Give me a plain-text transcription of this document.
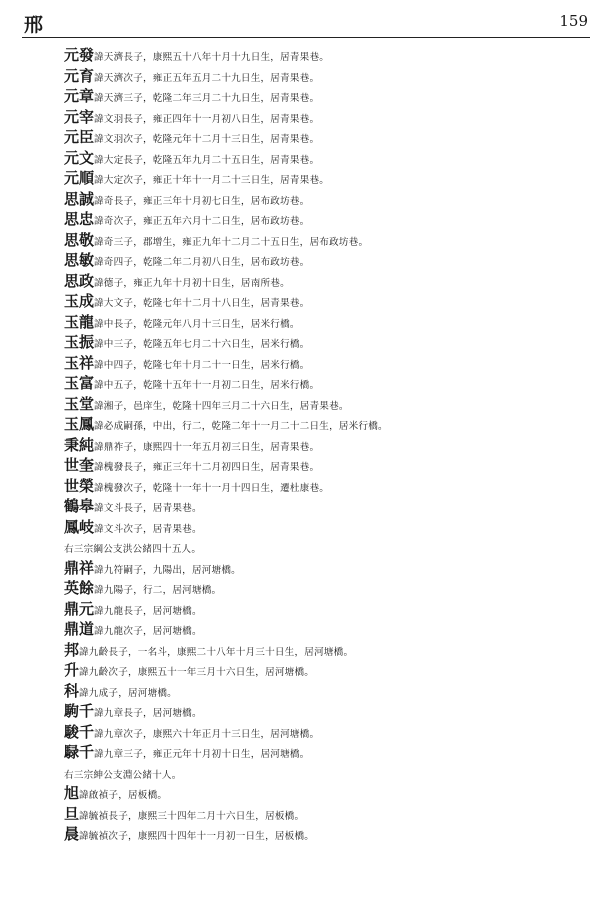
邢	159
元發諱天濟長子，康熙五十八年十月十九日生，居青果巷。
元育諱天濟次子，雍正五年五月二十九日生，居青果巷。
元章諱天濟三子，乾隆二年三月二十九日生，居青果巷。
元宰諱文羽長子，雍正四年十一月初八日生，居青果巷。
元臣諱文羽次子，乾隆元年十二月十三日生，居青果巷。
元文諱大定長子，乾隆五年九月二十五日生，居青果巷。
元順諱大定次子，雍正十年十一月二十三日生，居青果巷。
思誠諱奇長子，雍正三年十月初七日生，居布政坊巷。
思忠諱奇次子，雍正五年六月十二日生，居布政坊巷。
思敬諱奇三子，郡增生，雍正九年十二月二十五日生，居布政坊巷。
思敏諱奇四子，乾隆二年二月初八日生，居布政坊巷。
思政諱德子，雍正九年十月初十日生，居南所巷。
玉成諱大文子，乾隆七年十二月十八日生，居青果巷。
玉龍諱中長子，乾隆元年八月十三日生，居米行橋。
玉振諱中三子，乾隆五年七月二十六日生，居米行橋。
玉祥諱中四子，乾隆七年十月二十一日生，居米行橋。
玉富諱中五子，乾隆十五年十一月初二日生，居米行橋。
玉堂諱湘子，邑庠生，乾隆十四年三月二十六日生，居青果巷。
玉鳳諱必成嗣孫，中出，行二，乾隆二年十一月二十二日生，居米行橋。
秉純諱鼎祚子，康熙四十一年五月初三日生，居青果巷。
世奎諱槐發長子，雍正三年十二月初四日生，居青果巷。
世榮諱槐發次子，乾隆十一年十一月十四日生，遷杜康巷。
鶴皋諱文斗長子，居青果巷。
鳳岐諱文斗次子，居青果巷。
右三宗綱公支洪公緒四十五人。
鼎祥諱九符嗣子，九陽出，居河塘橋。
英餘諱九陽子，行二，居河塘橋。
鼎元諱九龍長子，居河塘橋。
鼎道諱九龍次子，居河塘橋。
邦諱九齡長子，一名斗，康熙二十八年十月三十日生，居河塘橋。
升諱九齡次子，康熙五十一年三月十六日生，居河塘橋。
科諱九成子，居河塘橋。
駒千諱九章長子，居河塘橋。
駿千諱九章次子，康熙六十年正月十三日生，居河塘橋。
騄千諱九章三子，雍正元年十月初十日生，居河塘橋。
右三宗紳公支淵公緒十人。
旭諱啟禎子，居板橋。
旦諱毓禎長子，康熙三十四年二月十六日生，居板橋。
晨諱毓禎次子，康熙四十四年十一月初一日生，居板橋。
